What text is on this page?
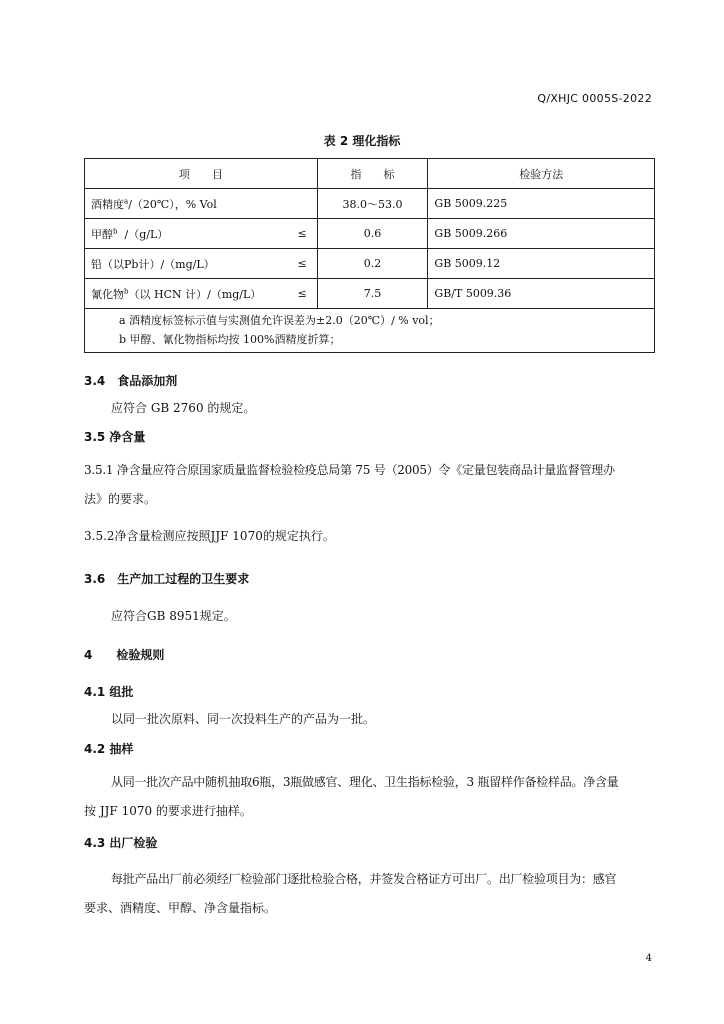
Q/XHJC 0005S-2022
表 2 理化指标
项　　目	指　　标	检验方法

酒精度$^a$/（20℃），% Vol	38.0～53.0	GB 5009.225

甲醇$^b$ /（g/L） ≤	0.6	GB 5009.266

铅（以Pb计）/（mg/L） ≤	0.2	GB 5009.12

氰化物$^b$（以 HCN 计）/（mg/L） ≤	7.5	GB/T 5009.36

a 酒精度标签标示值与实测值允许误差为±2.0（20℃）/ % vol；
b 甲醇、氰化物指标均按 100%酒精度折算；		
3.4　食品添加剂
应符合 GB 2760 的规定。
3.5 净含量
3.5.1 净含量应符合原国家质量监督检验检疫总局第 75 号（2005）令《定量包装商品计量监督管理办
法》的要求。
3.5.2净含量检测应按照JJF 1070的规定执行。
3.6　生产加工过程的卫生要求
应符合GB 8951规定。
4　　检验规则
4.1 组批
以同一批次原料、同一次投料生产的产品为一批。
4.2 抽样
从同一批次产品中随机抽取6瓶，3瓶做感官、理化、卫生指标检验，3 瓶留样作备检样品。净含量
按 JJF 1070 的要求进行抽样。
4.3 出厂检验
每批产品出厂前必须经厂检验部门逐批检验合格，并签发合格证方可出厂。出厂检验项目为：感官
要求、酒精度、甲醇、净含量指标。
4
